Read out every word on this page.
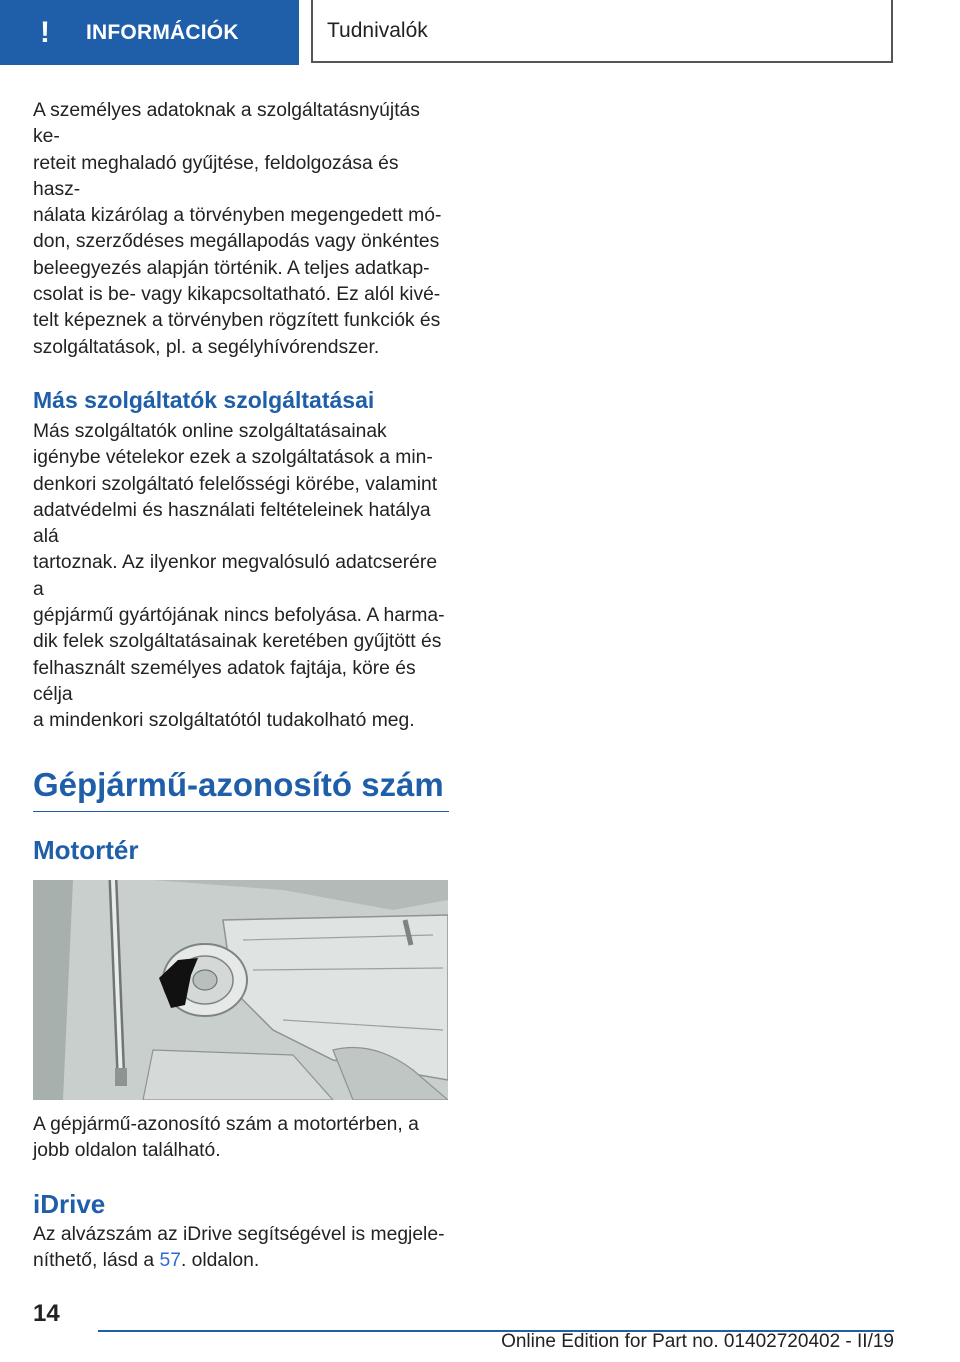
!	INFORMÁCIÓK	Tudnivalók

A személyes adatoknak a szolgáltatásnyújtás ke-

reteit meghaladó gyűjtése, feldolgozása és hasz-

nálata kizárólag a törvényben megengedett mó-

don, szerződéses megállapodás vagy önkéntes

beleegyezés alapján történik. A teljes adatkap-

csolat is be- vagy kikapcsoltatható. Ez alól kivé-

telt képeznek a törvényben rögzített funkciók és

szolgáltatások, pl. a segélyhívórendszer.

Más szolgáltatók szolgáltatásai

Más szolgáltatók online szolgáltatásainak

igénybe vételekor ezek a szolgáltatások a min-

denkori szolgáltató felelősségi körébe, valamint

adatvédelmi és használati feltételeinek hatálya alá

tartoznak. Az ilyenkor megvalósuló adatcserére a

gépjármű gyártójának nincs befolyása. A harma-

dik felek szolgáltatásainak keretében gyűjtött és

felhasznált személyes adatok fajtája, köre és célja

a mindenkori szolgáltatótól tudakolható meg.

Gépjármű-azonosító szám
Motortér

A gépjármű-azonosító szám a motortérben, a

jobb oldalon található.

iDrive

Az alvázszám az iDrive segítségével is megjele-

níthető, lásd a 57. oldalon.

14
Online Edition for Part no. 01402720402 - II/19
